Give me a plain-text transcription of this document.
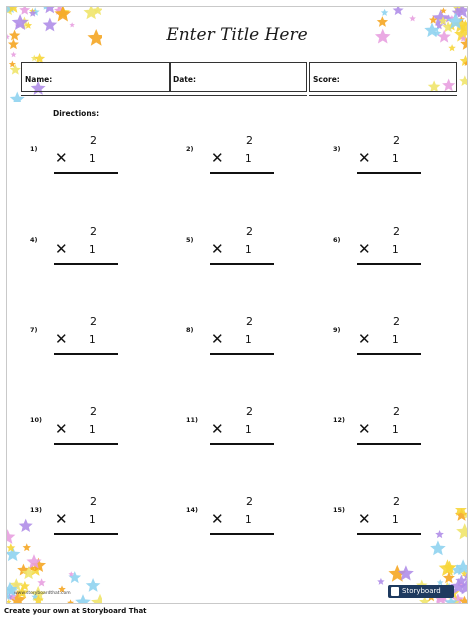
Enter Title Here
Name:	Date:	Score:
Directions:
1)
2
✕ 1
2)
2
✕ 1
3)
2
✕ 1
4)
2
✕ 1
5)
2
✕ 1
6)
2
✕ 1
7)
2
✕ 1
8)
2
✕ 1
9)
2
✕ 1
10)
2
✕ 1
11)
2
✕ 1
12)
2
✕ 1
13)
2
✕ 1
14)
2
✕ 1
15)
2
✕ 1
www.storyboardthat.com	Storyboard
Create your own at Storyboard That
